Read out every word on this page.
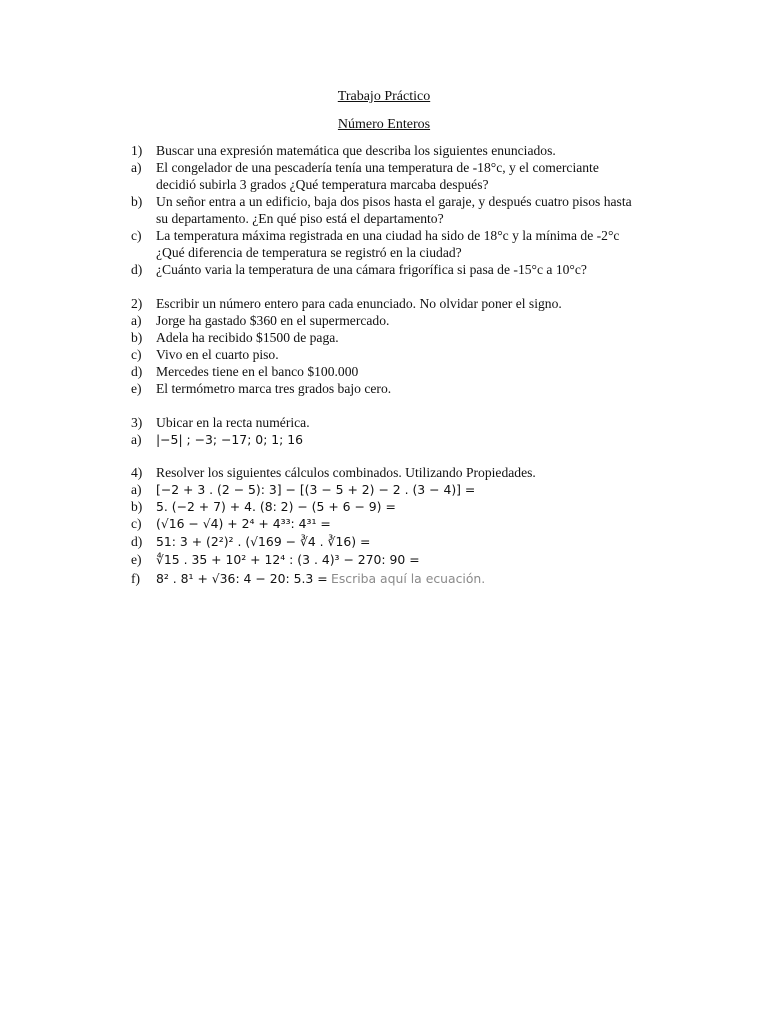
Trabajo Práctico
Número Enteros
1) Buscar una expresión matemática que describa los siguientes enunciados.
a) El congelador de una pescadería tenía una temperatura de -18°c, y el comerciante
decidió subirla 3 grados ¿Qué temperatura marcaba después?
b) Un señor entra a un edificio, baja dos pisos hasta el garaje, y después cuatro pisos hasta
su departamento. ¿En qué piso está el departamento?
c) La temperatura máxima registrada en una ciudad ha sido de 18°c y la mínima de -2°c
¿Qué diferencia de temperatura se registró en la ciudad?
d) ¿Cuánto varia la temperatura de una cámara frigorífica si pasa de -15°c a 10°c?
2) Escribir un número entero para cada enunciado. No olvidar poner el signo.
a) Jorge ha gastado $360 en el supermercado.
b) Adela ha recibido $1500 de paga.
c) Vivo en el cuarto piso.
d) Mercedes tiene en el banco $100.000
e) El termómetro marca tres grados bajo cero.
3) Ubicar en la recta numérica.
a) |−5| ; −3; −17; 0; 1; 16
4) Resolver los siguientes cálculos combinados. Utilizando Propiedades.
a) [−2 + 3 . (2 − 5): 3] − [(3 − 5 + 2) − 2 . (3 − 4)] =
b) 5. (−2 + 7) + 4. (8: 2) − (5 + 6 − 9) =
c) (√16 − √4) + 2⁴ + 4³³: 4³¹ =
d) 51: 3 + (2²)² . (√169 − ∛4 . ∛16) =
e) ∜15 . 35 + 10² + 12⁴ : (3 . 4)³ − 270: 90 =
f) 8² . 8¹ + √36: 4 − 20: 5.3 = Escriba aquí la ecuación.
